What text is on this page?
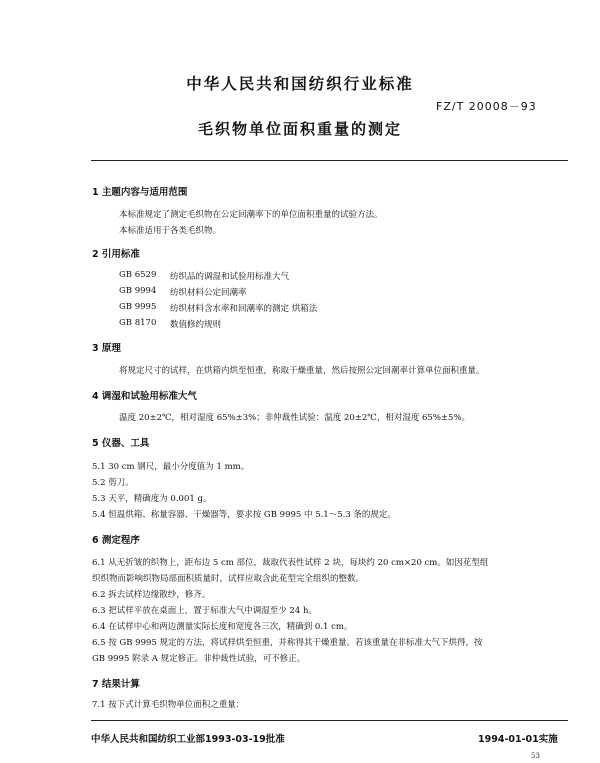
中华人民共和国纺织行业标准
FZ/T 20008－93
毛织物单位面积重量的测定
1 主题内容与适用范围
本标准规定了测定毛织物在公定回潮率下的单位面积重量的试验方法。
本标准适用于各类毛织物。
2 引用标准
GB 6529 纺织品的调湿和试验用标准大气
GB 9994 纺织材料公定回潮率
GB 9995 纺织材料含水率和回潮率的测定 烘箱法
GB 8170 数值修约规则
3 原理
将规定尺寸的试样，在烘箱内烘至恒重，称取干燥重量，然后按照公定回潮率计算单位面积重量。
4 调湿和试验用标准大气
温度 20±2℃，相对湿度 65%±3%；非仲裁性试验：温度 20±2℃，相对湿度 65%±5%。
5 仪器、工具
5.1 30 cm 钢尺，最小分度值为 1 mm。
5.2 剪刀。
5.3 天平，精确度为 0.001 g。
5.4 恒温烘箱、称量容器、干燥器等，要求按 GB 9995 中 5.1～5.3 条的规定。
6 测定程序
6.1 从无折皱的织物上，距布边 5 cm 部位，裁取代表性试样 2 块，每块约 20 cm×20 cm。如因花型组
织织物而影响织物局部面积质量时，试样应取含此花型完全组织的整数。
6.2 拆去试样边缘散纱，修齐。
6.3 把试样平放在桌面上，置于标准大气中调湿至少 24 h。
6.4 在试样中心和两边测量实际长度和宽度各三次，精确到 0.1 cm。
6.5 按 GB 9995 规定的方法，将试样烘至恒重，并称得其干燥重量。若该重量在非标准大气下烘得，按
GB 9995 附录 A 规定修正。非仲裁性试验，可不修正。
7 结果计算
7.1 按下式计算毛织物单位面积之重量：
中华人民共和国纺织工业部1993-03-19批准	1994-01-01实施
53
